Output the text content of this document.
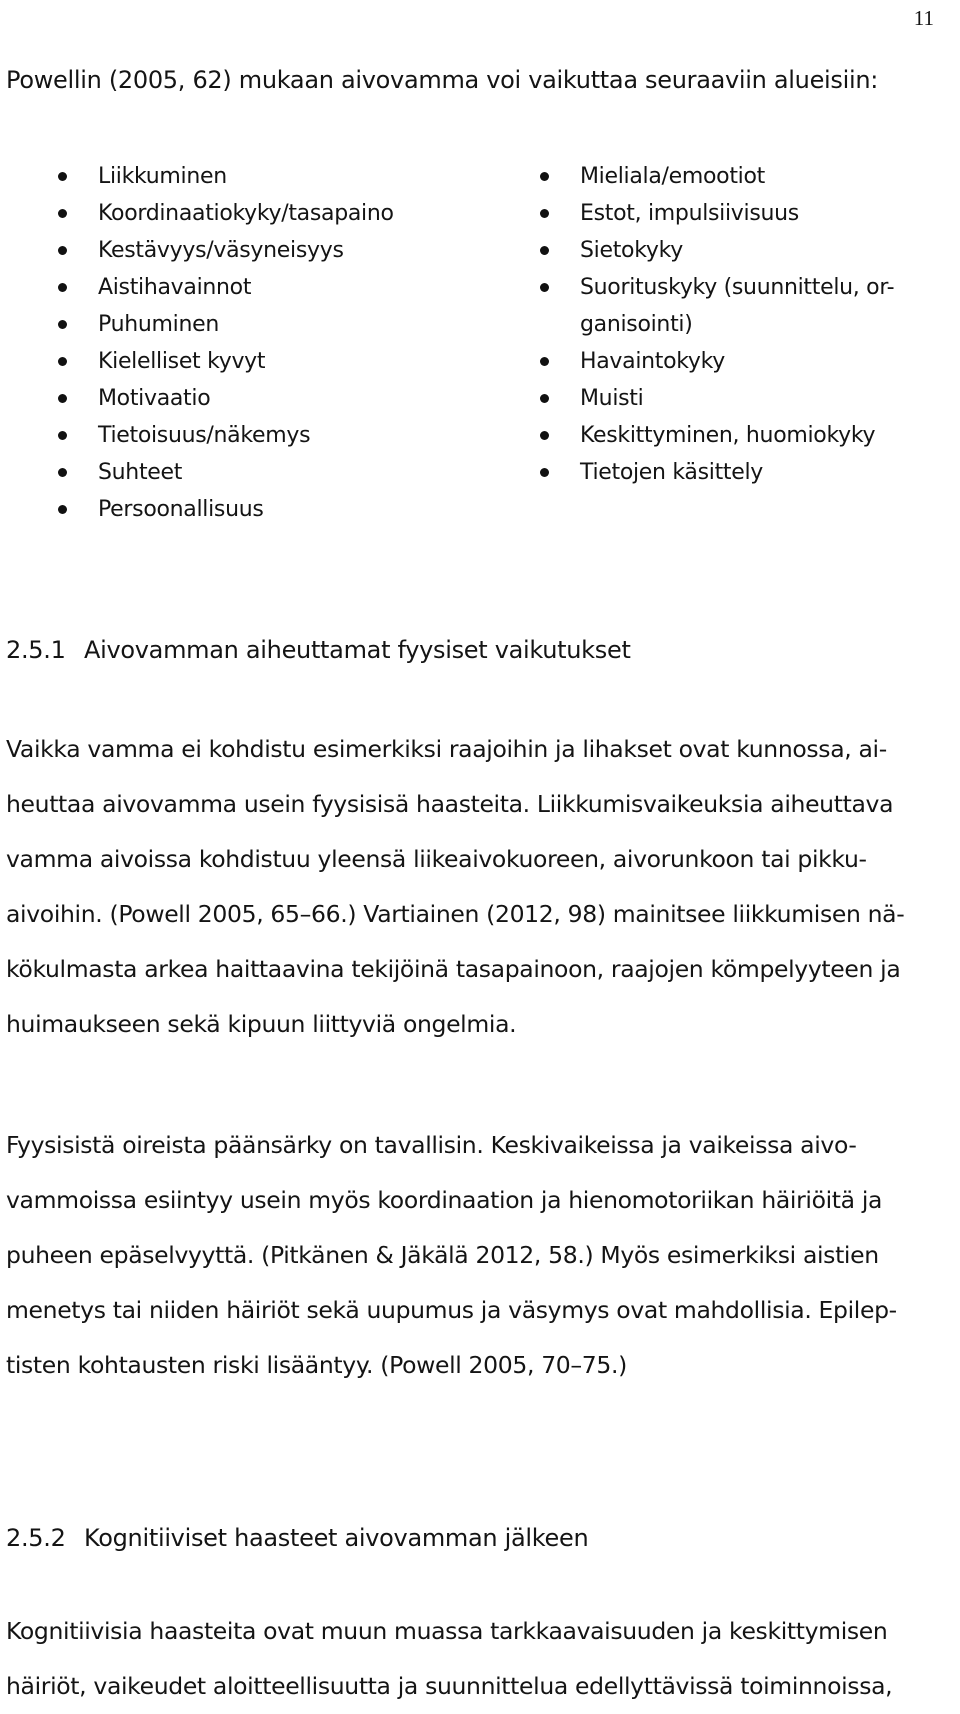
11
Powellin (2005, 62) mukaan aivovamma voi vaikuttaa seuraaviin alueisiin:
Liikkuminen
Koordinaatiokyky/tasapaino
Kestävyys/väsyneisyys
Aistihavainnot
Puhuminen
Kielelliset kyvyt
Motivaatio
Tietoisuus/näkemys
Suhteet
Persoonallisuus
Mieliala/emootiot
Estot, impulsiivisuus
Sietokyky
Suorituskyky (suunnittelu, or-
ganisointi)
Havaintokyky
Muisti
Keskittyminen, huomiokyky
Tietojen käsittely
2.5.1 Aivovamman aiheuttamat fyysiset vaikutukset

Vaikka vamma ei kohdistu esimerkiksi raajoihin ja lihakset ovat kunnossa, ai-
heuttaa aivovamma usein fyysisisä haasteita. Liikkumisvaikeuksia aiheuttava
vamma aivoissa kohdistuu yleensä liikeaivokuoreen, aivorunkoon tai pikku-
aivoihin. (Powell 2005, 65–66.) Vartiainen (2012, 98) mainitsee liikkumisen nä-
kökulmasta arkea haittaavina tekijöinä tasapainoon, raajojen kömpelyyteen ja
huimaukseen sekä kipuun liittyviä ongelmia.

Fyysisistä oireista päänsärky on tavallisin. Keskivaikeissa ja vaikeissa aivo-
vammoissa esiintyy usein myös koordinaation ja hienomotoriikan häiriöitä ja
puheen epäselvyyttä. (Pitkänen & Jäkälä 2012, 58.) Myös esimerkiksi aistien
menetys tai niiden häiriöt sekä uupumus ja väsymys ovat mahdollisia. Epilep-
tisten kohtausten riski lisääntyy. (Powell 2005, 70–75.)

2.5.2 Kognitiiviset haasteet aivovamman jälkeen

Kognitiivisia haasteita ovat muun muassa tarkkaavaisuuden ja keskittymisen
häiriöt, vaikeudet aloitteellisuutta ja suunnittelua edellyttävissä toiminnoissa,
